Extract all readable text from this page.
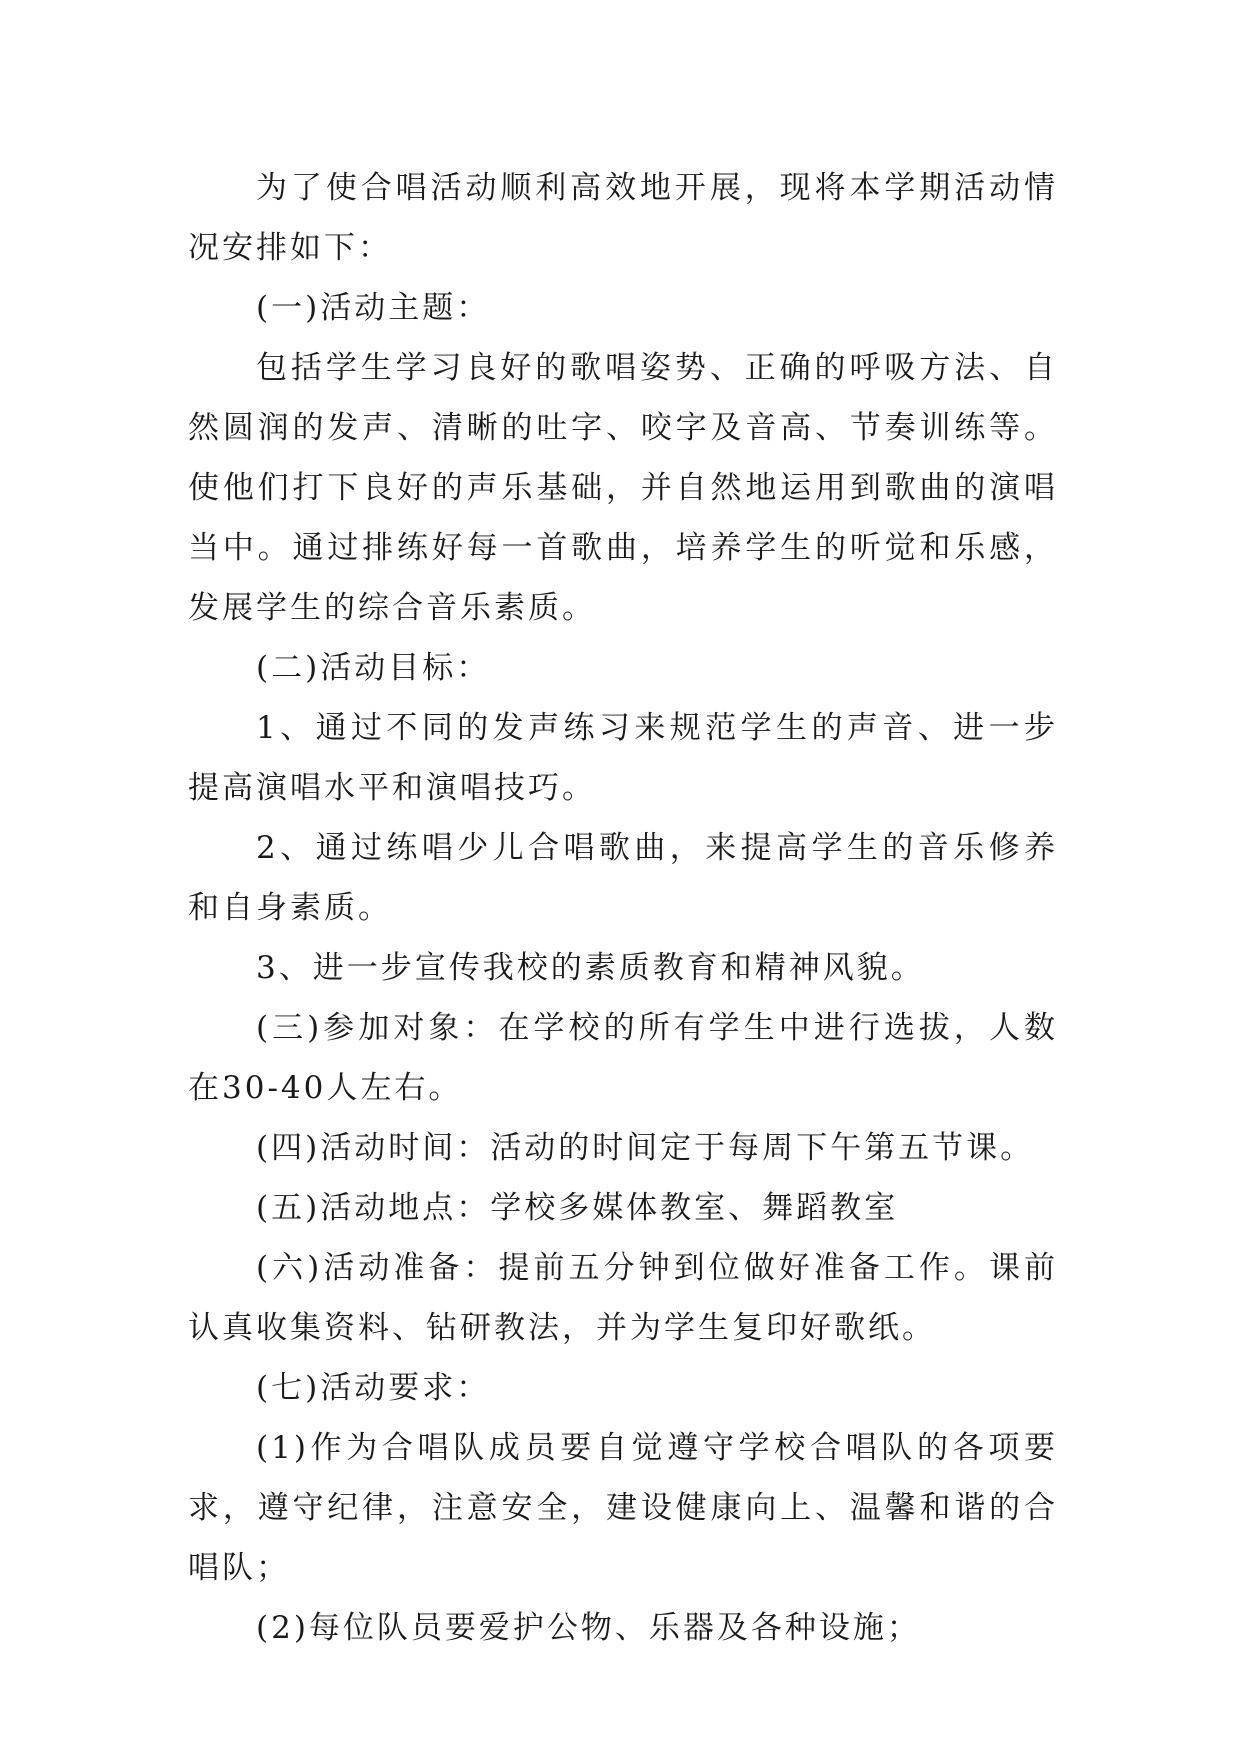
为了使合唱活动顺利高效地开展，现将本学期活动情况安排如下：

(一)活动主题：

包括学生学习良好的歌唱姿势、正确的呼吸方法、自然圆润的发声、清晰的吐字、咬字及音高、节奏训练等。使他们打下良好的声乐基础，并自然地运用到歌曲的演唱当中。通过排练好每一首歌曲，培养学生的听觉和乐感，发展学生的综合音乐素质。

(二)活动目标：

1、通过不同的发声练习来规范学生的声音、进一步提高演唱水平和演唱技巧。

2、通过练唱少儿合唱歌曲，来提高学生的音乐修养和自身素质。

3、进一步宣传我校的素质教育和精神风貌。

(三)参加对象：在学校的所有学生中进行选拔，人数在30-40人左右。

(四)活动时间：活动的时间定于每周下午第五节课。

(五)活动地点：学校多媒体教室、舞蹈教室

(六)活动准备：提前五分钟到位做好准备工作。课前认真收集资料、钻研教法，并为学生复印好歌纸。

(七)活动要求：

(1)作为合唱队成员要自觉遵守学校合唱队的各项要求，遵守纪律，注意安全，建设健康向上、温馨和谐的合唱队；

(2)每位队员要爱护公物、乐器及各种设施；
